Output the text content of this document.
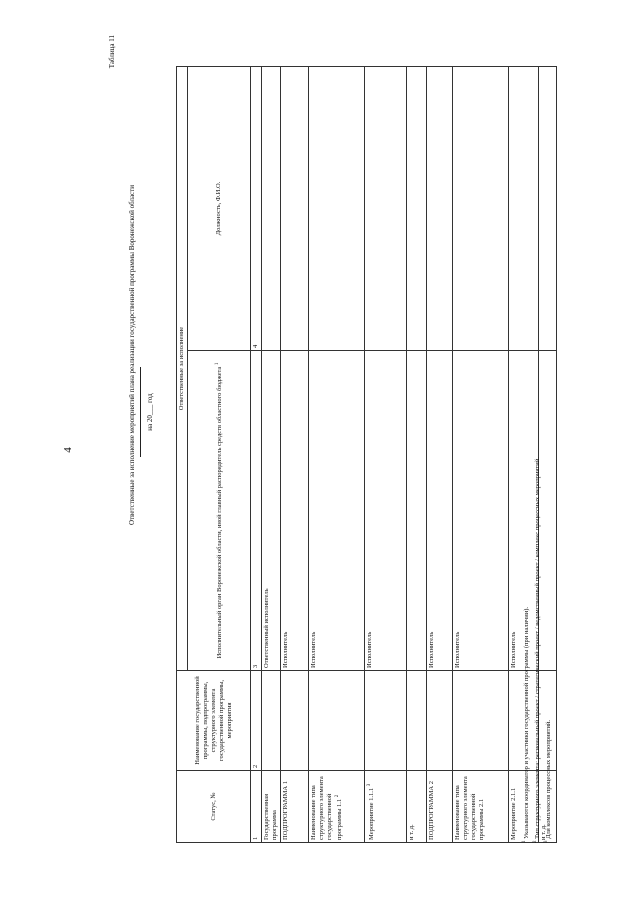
4
Таблица 11
Ответственные за исполнение мероприятий плана реализации государственной программы Воронежской области на 20___ год
Статус, №	Наименование государственной программы, подпрограммы, структурного элемента государственной программы, мероприятия	Ответственные за исполнение	
		Исполнительный орган Воронежской области, иной главный распорядитель средств областного бюджета $^1$	Должность, Ф.И.О.
1	2	3	4
Государственная программа		Ответственный исполнитель	
ПОДПРОГРАММА 1		Исполнитель	
Наименование типа структурного элемента государственной программы 1.1 $^2$		Исполнитель	
Мероприятие 1.1.1 $^3$		Исполнитель	
и т. д.			
ПОДПРОГРАММА 2		Исполнитель	
Наименование типа структурного элемента государственной программы 2.1		Исполнитель	
Мероприятие 2.1.1		Исполнитель	
и т. д.			
$^1$ Указываются координатор и участники государственной программы (при наличии).
$^2$ Тип структурного элемента: региональный проект / стратегический проект / ведомственный проект / комплекс процессных мероприятий.
$^3$ Для комплексов процессных мероприятий.
